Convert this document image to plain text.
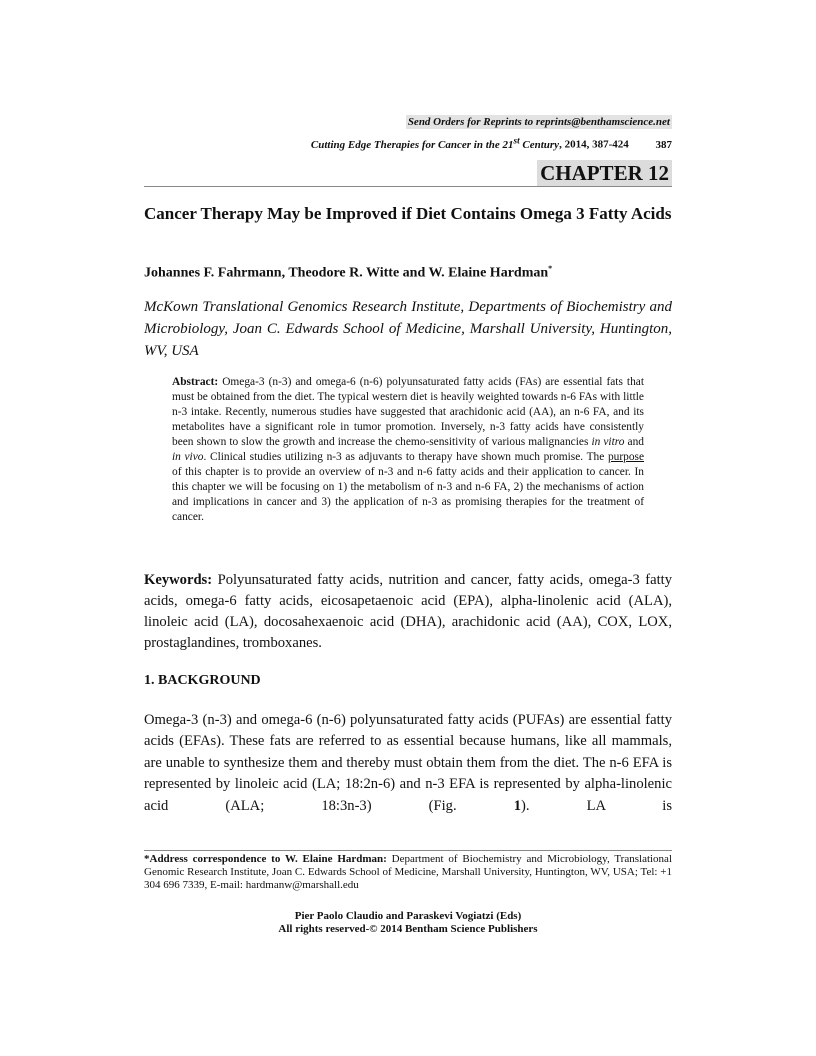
Send Orders for Reprints to reprints@benthamscience.net
Cutting Edge Therapies for Cancer in the 21st Century, 2014, 387-424 387
CHAPTER 12
Cancer Therapy May be Improved if Diet Contains Omega 3 Fatty Acids
Johannes F. Fahrmann, Theodore R. Witte and W. Elaine Hardman*
McKown Translational Genomics Research Institute, Departments of Biochemistry and Microbiology, Joan C. Edwards School of Medicine, Marshall University, Huntington, WV, USA
Abstract: Omega-3 (n-3) and omega-6 (n-6) polyunsaturated fatty acids (FAs) are essential fats that must be obtained from the diet. The typical western diet is heavily weighted towards n-6 FAs with little n-3 intake. Recently, numerous studies have suggested that arachidonic acid (AA), an n-6 FA, and its metabolites have a significant role in tumor promotion. Inversely, n-3 fatty acids have consistently been shown to slow the growth and increase the chemo-sensitivity of various malignancies in vitro and in vivo. Clinical studies utilizing n-3 as adjuvants to therapy have shown much promise. The purpose of this chapter is to provide an overview of n-3 and n-6 fatty acids and their application to cancer. In this chapter we will be focusing on 1) the metabolism of n-3 and n-6 FA, 2) the mechanisms of action and implications in cancer and 3) the application of n-3 as promising therapies for the treatment of cancer.
Keywords: Polyunsaturated fatty acids, nutrition and cancer, fatty acids, omega-3 fatty acids, omega-6 fatty acids, eicosapetaenoic acid (EPA), alpha-linolenic acid (ALA), linoleic acid (LA), docosahexaenoic acid (DHA), arachidonic acid (AA), COX, LOX, prostaglandines, tromboxanes.
1. BACKGROUND
Omega-3 (n-3) and omega-6 (n-6) polyunsaturated fatty acids (PUFAs) are essential fatty acids (EFAs). These fats are referred to as essential because humans, like all mammals, are unable to synthesize them and thereby must obtain them from the diet. The n-6 EFA is represented by linoleic acid (LA; 18:2n-6) and n-3 EFA is represented by alpha-linolenic acid (ALA; 18:3n-3) (Fig. 1). LA is
*Address correspondence to W. Elaine Hardman: Department of Biochemistry and Microbiology, Translational Genomic Research Institute, Joan C. Edwards School of Medicine, Marshall University, Huntington, WV, USA; Tel: +1 304 696 7339, E-mail: hardmanw@marshall.edu
Pier Paolo Claudio and Paraskevi Vogiatzi (Eds)
All rights reserved-© 2014 Bentham Science Publishers
